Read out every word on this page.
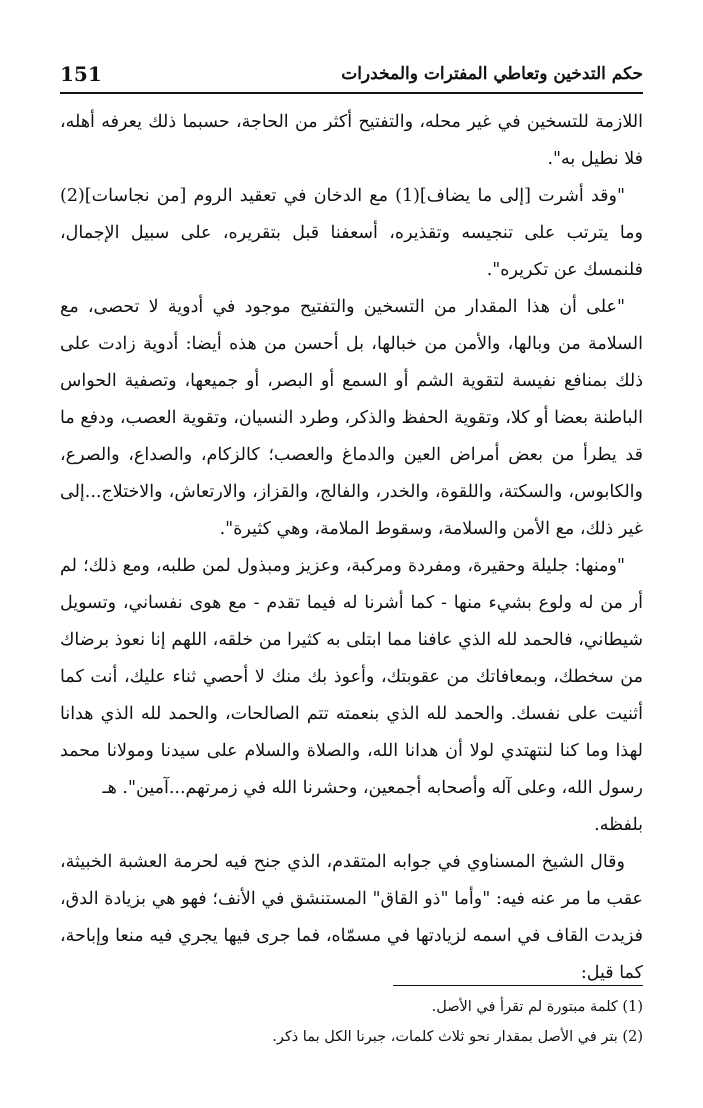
حكم التدخين وتعاطي المفترات والمخدرات
151

اللازمة للتسخين في غير محله، والتفتيح أكثر من الحاجة، حسبما ذلك يعرفه أهله، فلا نطيل به".

"وقد أشرت [إلى ما يضاف](1) مع الدخان في تعقيد الروم [من نجاسات](2) وما يترتب على تنجيسه وتقذيره، أسعفنا قبل بتقريره، على سبيل الإجمال، فلنمسك عن تكريره".

"على أن هذا المقدار من التسخين والتفتيح موجود في أدوية لا تحصى، مع السلامة من وبالها، والأمن من خبالها، بل أحسن من هذه أيضا: أدوية زادت على ذلك بمنافع نفيسة لتقوية الشم أو السمع أو البصر، أو جميعها، وتصفية الحواس الباطنة بعضا أو كلا، وتقوية الحفظ والذكر، وطرد النسيان، وتقوية العصب، ودفع ما قد يطرأ من بعض أمراض العين والدماغ والعصب؛ كالزكام، والصداع، والصرع، والكابوس، والسكتة، واللقوة، والخدر، والفالج، والقزاز، والارتعاش، والاختلاج...إلى غير ذلك، مع الأمن والسلامة، وسقوط الملامة، وهي كثيرة".

"ومنها: جليلة وحقيرة، ومفردة ومركبة، وعزيز ومبذول لمن طلبه، ومع ذلك؛ لم أر من له ولوع بشيء منها - كما أشرنا له فيما تقدم - مع هوى نفساني، وتسويل شيطاني، فالحمد لله الذي عافنا مما ابتلى به كثيرا من خلقه، اللهم إنا نعوذ برضاك من سخطك، وبمعافاتك من عقوبتك، وأعوذ بك منك لا أحصي ثناء عليك، أنت كما أثنيت على نفسك. والحمد لله الذي بنعمته تتم الصالحات، والحمد لله الذي هدانا لهذا وما كنا لنتهتدي لولا أن هدانا الله، والصلاة والسلام على سيدنا ومولانا محمد رسول الله، وعلى آله وأصحابه أجمعين، وحشرنا الله في زمرتهم...آمين". هـ

بلفظه.

وقال الشيخ المسناوي في جوابه المتقدم، الذي جنح فيه لحرمة العشبة الخبيثة، عقب ما مر عنه فيه: "وأما "ذو القاق" المستنشق في الأنف؛ فهو هي بزيادة الدق، فزيدت القاف في اسمه لزيادتها في مسمّاه، فما جرى فيها يجري فيه منعا وإباحة، كما قيل:

(1) كلمة مبتورة لم تقرأ في الأصل.

(2) بتر في الأصل بمقدار نحو ثلاث كلمات، جبرنا الكل بما ذكر.
